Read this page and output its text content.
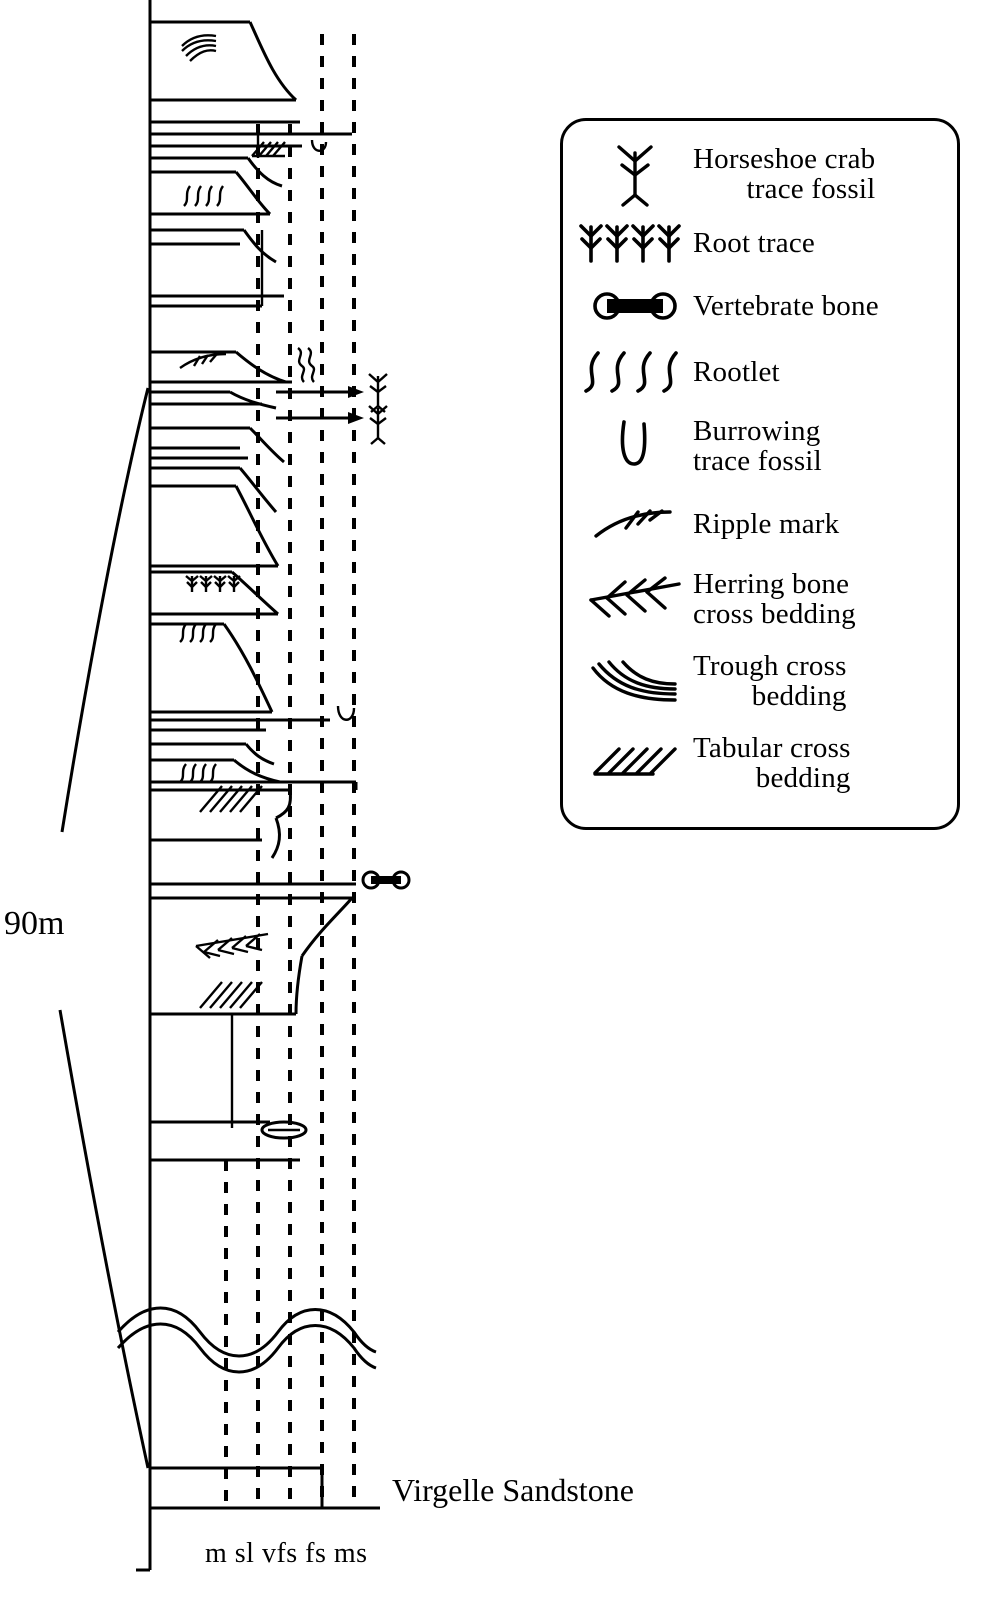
Horseshoe crab
trace fossil
Root trace
Vertebrate bone
Rootlet
Burrowing
trace fossil
Ripple mark
Herring bone
cross bedding
Trough cross
bedding
Tabular cross
bedding
90m
Virgelle Sandstone
m sl vfs fs ms
